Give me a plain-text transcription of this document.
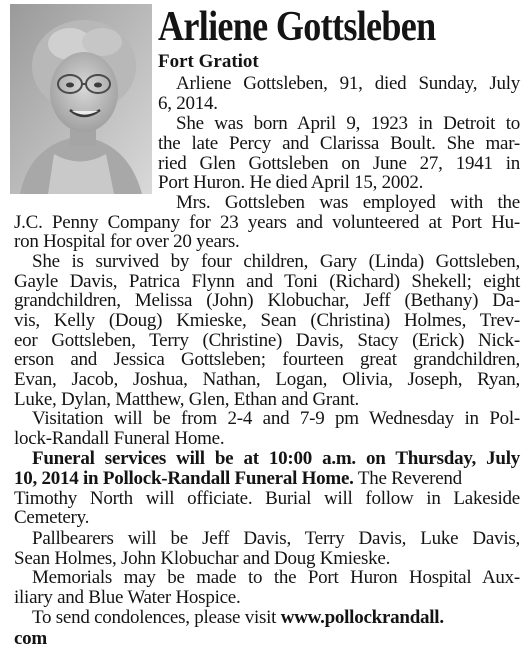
Arliene Gottsleben
Fort Gratiot
Arliene Gottsleben, 91, died Sunday, July
6, 2014.
She was born April 9, 1923 in Detroit to
the late Percy and Clarissa Boult. She mar-
ried Glen Gottsleben on June 27, 1941 in
Port Huron. He died April 15, 2002.
Mrs. Gottsleben was employed with the
J.C. Penny Company for 23 years and volunteered at Port Hu-
ron Hospital for over 20 years.
She is survived by four children, Gary (Linda) Gottsleben,
Gayle Davis, Patrica Flynn and Toni (Richard) Shekell; eight
grandchildren, Melissa (John) Klobuchar, Jeff (Bethany) Da-
vis, Kelly (Doug) Kmieske, Sean (Christina) Holmes, Trev-
eor Gottsleben, Terry (Christine) Davis, Stacy (Erick) Nick-
erson and Jessica Gottsleben; fourteen great grandchildren,
Evan, Jacob, Joshua, Nathan, Logan, Olivia, Joseph, Ryan,
Luke, Dylan, Matthew, Glen, Ethan and Grant.
Visitation will be from 2-4 and 7-9 pm Wednesday in Pol-
lock-Randall Funeral Home.
Funeral services will be at 10:00 a.m. on Thursday, July
10, 2014 in Pollock-Randall Funeral Home. The Reverend
Timothy North will officiate. Burial will follow in Lakeside
Cemetery.
Pallbearers will be Jeff Davis, Terry Davis, Luke Davis,
Sean Holmes, John Klobuchar and Doug Kmieske.
Memorials may be made to the Port Huron Hospital Aux-
iliary and Blue Water Hospice.
To send condolences, please visit www.pollockrandall.
com
